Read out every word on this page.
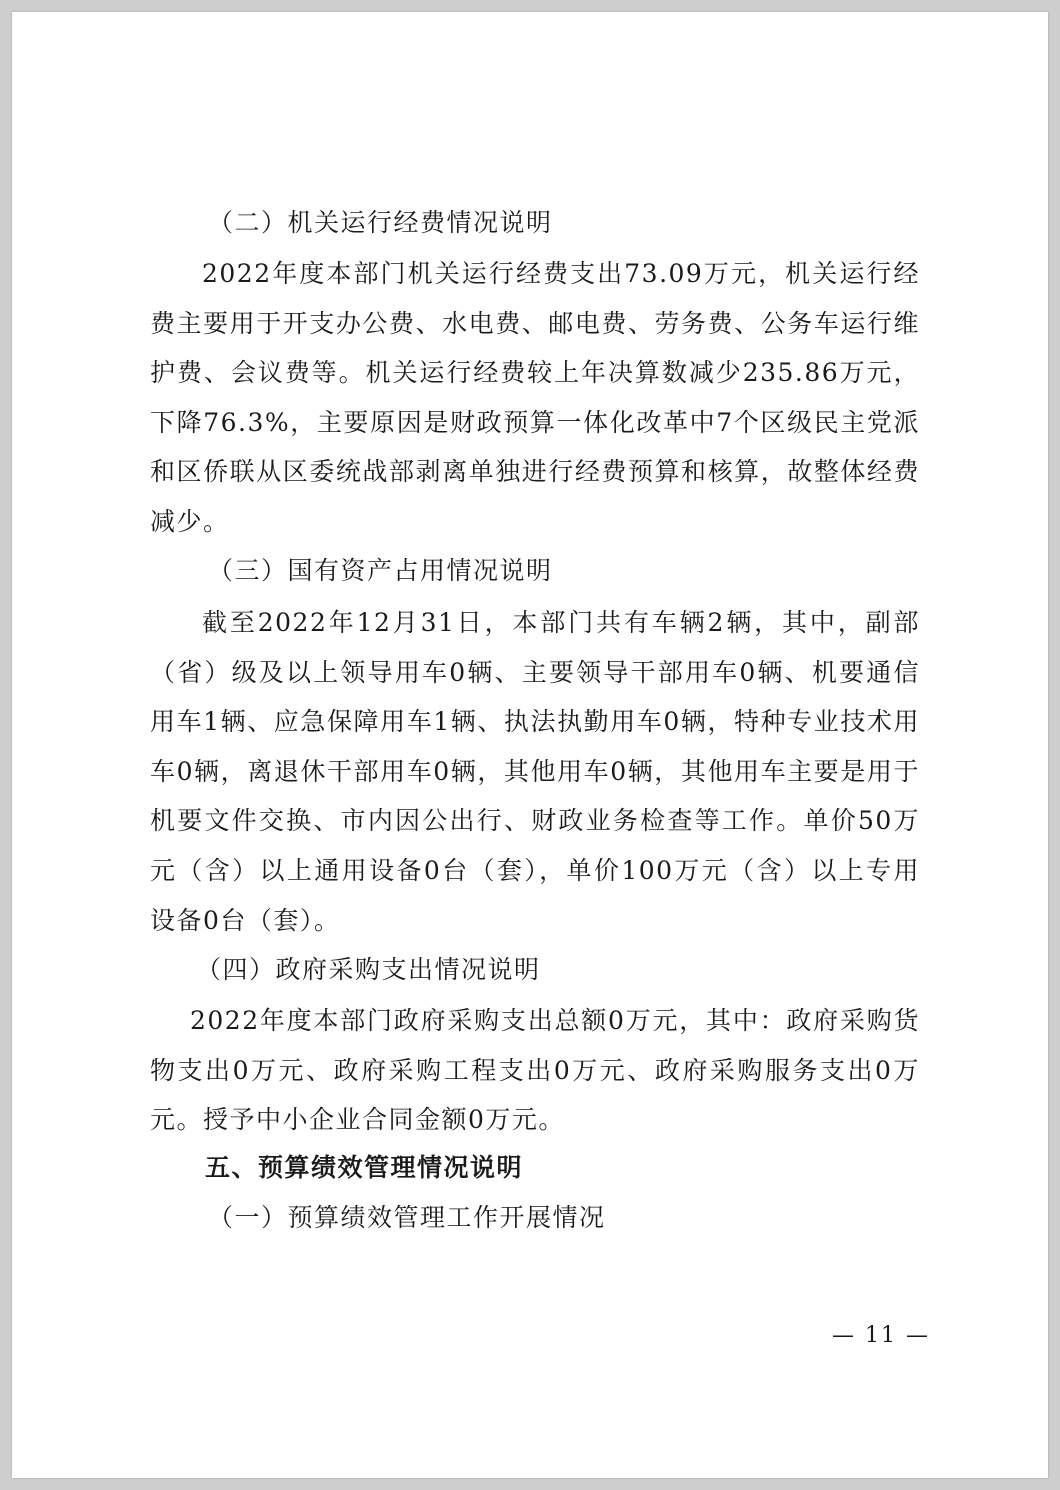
（二）机关运行经费情况说明
2022年度本部门机关运行经费支出73.09万元，机关运行经费主要用于开支办公费、水电费、邮电费、劳务费、公务车运行维护费、会议费等。机关运行经费较上年决算数减少235.86万元，下降76.3%，主要原因是财政预算一体化改革中7个区级民主党派和区侨联从区委统战部剥离单独进行经费预算和核算，故整体经费减少。
（三）国有资产占用情况说明
截至2022年12月31日，本部门共有车辆2辆，其中，副部（省）级及以上领导用车0辆、主要领导干部用车0辆、机要通信用车1辆、应急保障用车1辆、执法执勤用车0辆，特种专业技术用车0辆，离退休干部用车0辆，其他用车0辆，其他用车主要是用于机要文件交换、市内因公出行、财政业务检查等工作。单价50万元（含）以上通用设备0台（套），单价100万元（含）以上专用设备0台（套）。
（四）政府采购支出情况说明
2022年度本部门政府采购支出总额0万元，其中：政府采购货物支出0万元、政府采购工程支出0万元、政府采购服务支出0万元。授予中小企业合同金额0万元。
五、预算绩效管理情况说明
（一）预算绩效管理工作开展情况
— 11 —
